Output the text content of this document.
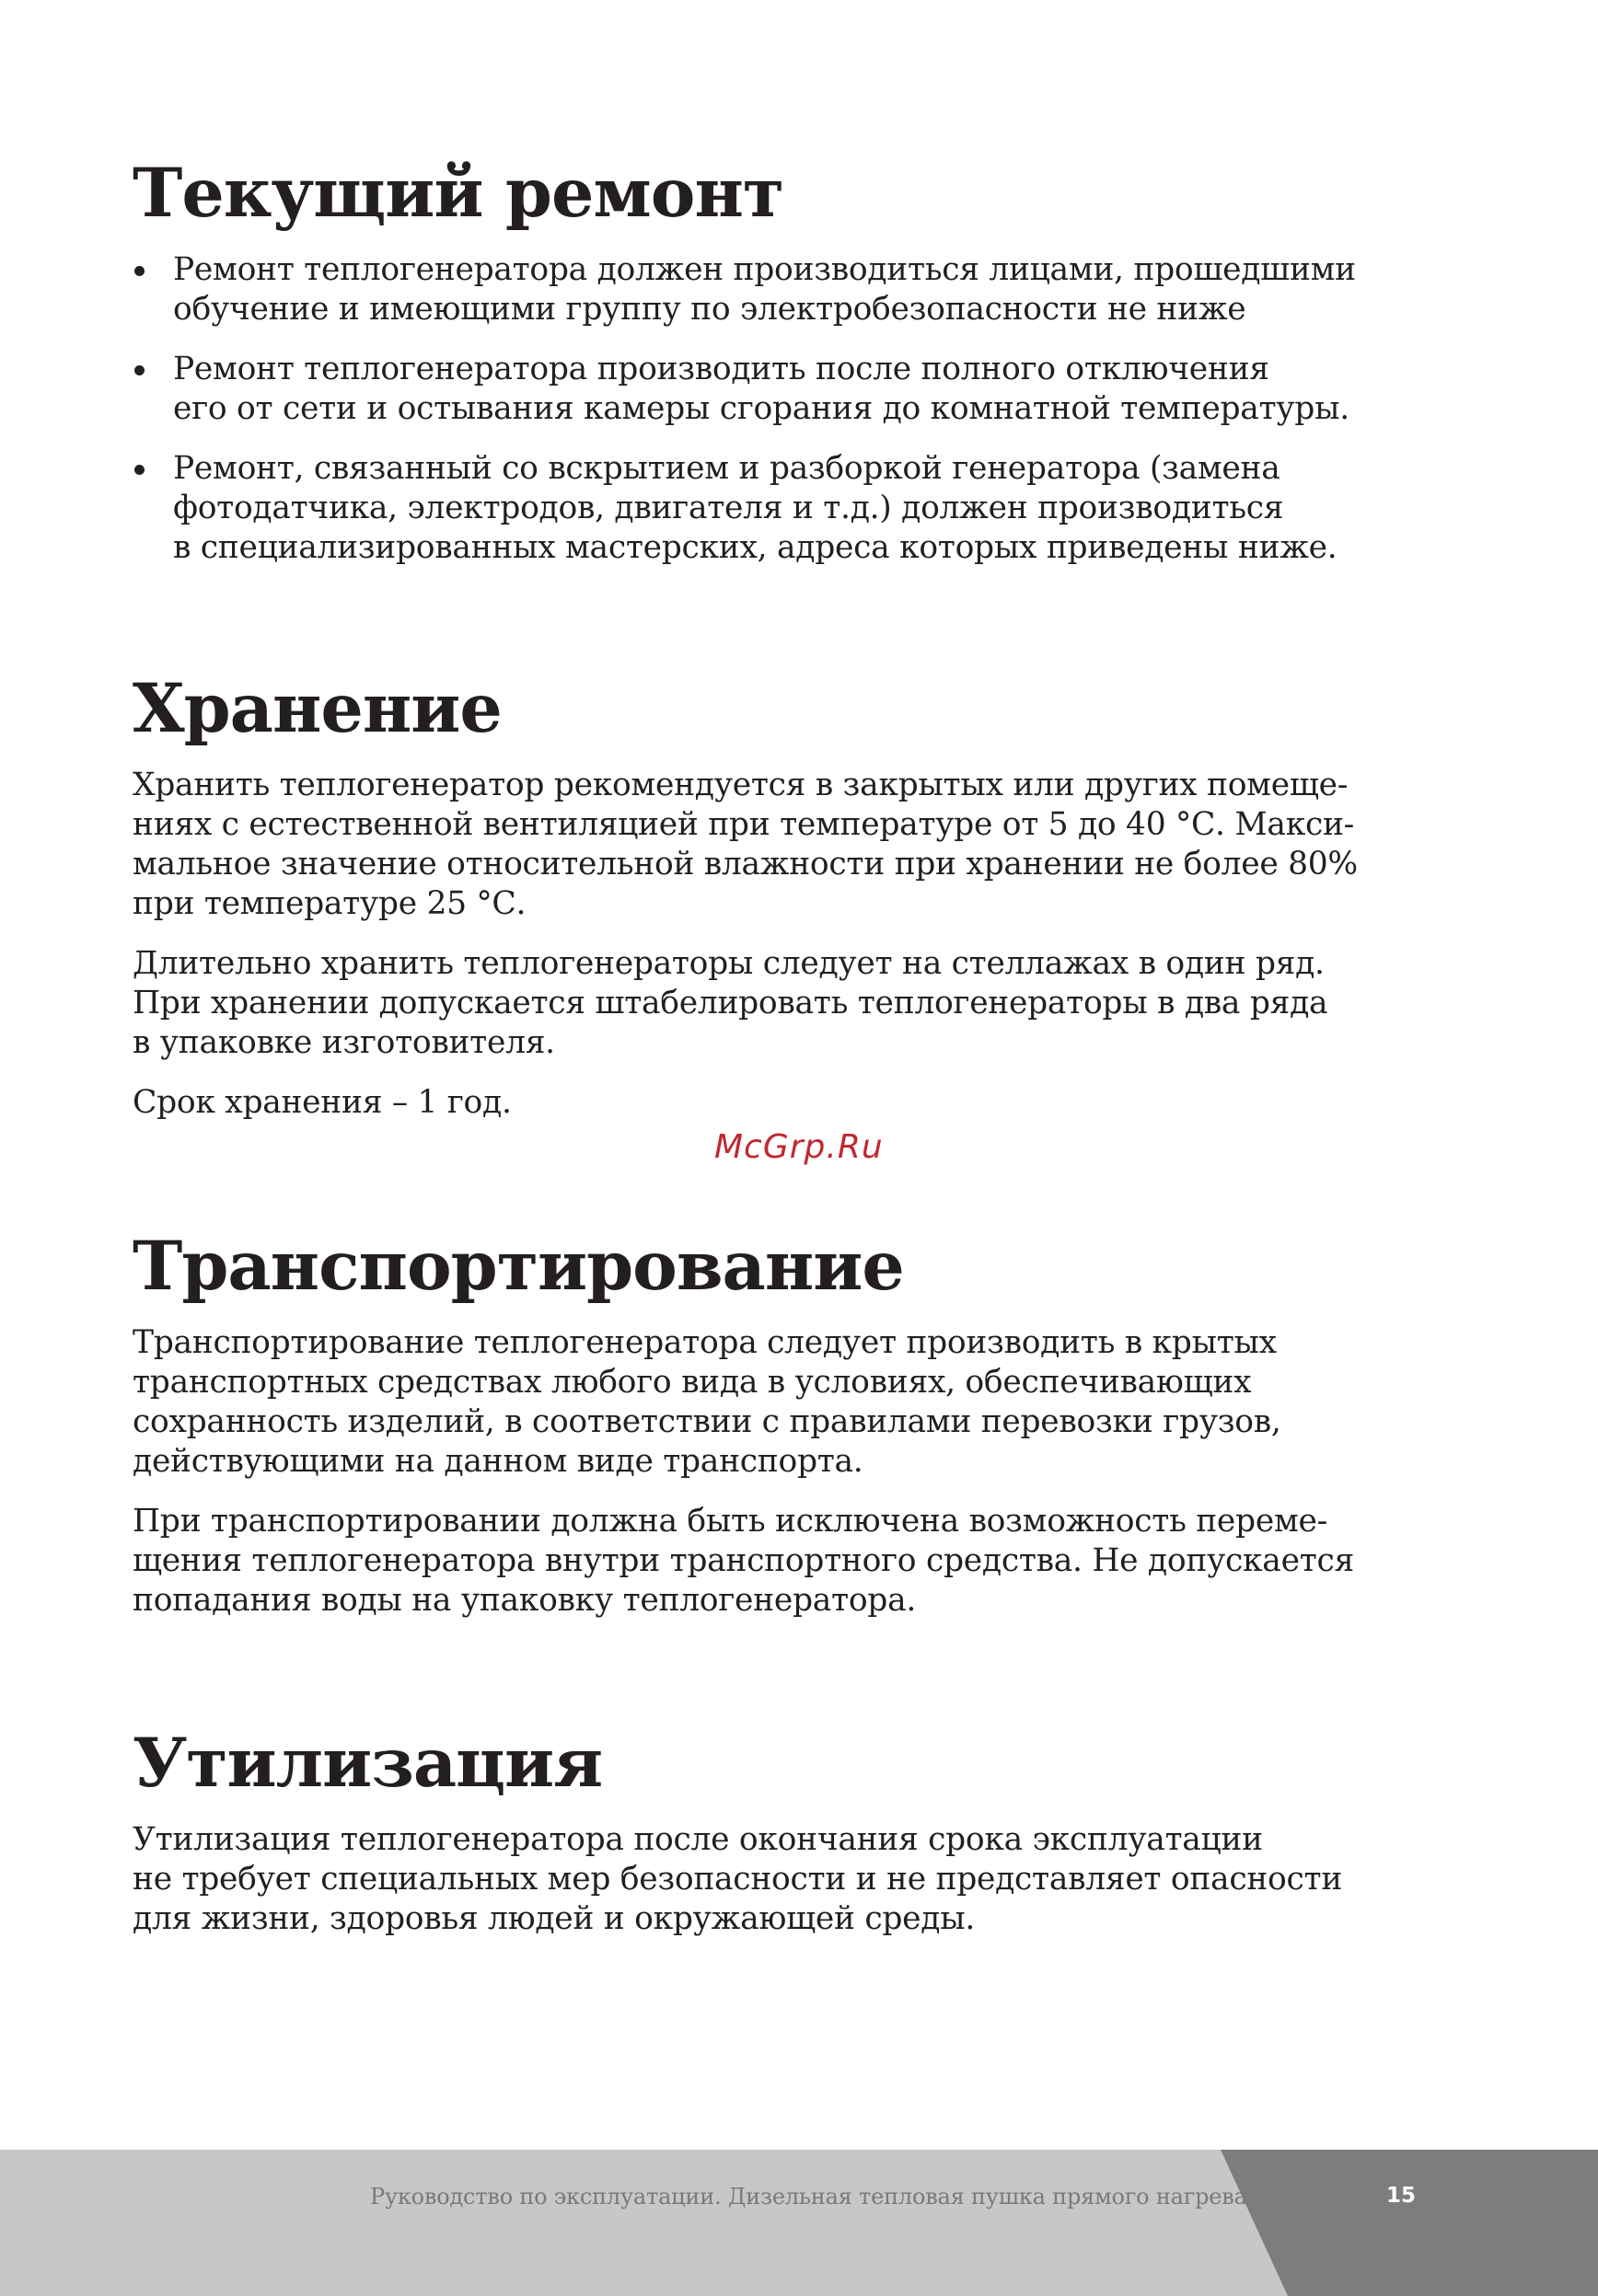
Текущий ремонт

Ремонт теплогенератора должен производиться лицами, прошедшими
обучение и имеющими группу по электробезопасности не ниже

Ремонт теплогенератора производить после полного отключения
его от сети и остывания камеры сгорания до комнатной температуры.

Ремонт, связанный со вскрытием и разборкой генератора (замена
фотодатчика, электродов, двигателя и т.д.) должен производиться
в специализированных мастерских, адреса которых приведены ниже.

Хранение

Хранить теплогенератор рекомендуется в закрытых или других помеще-
ниях с естественной вентиляцией при температуре от 5 до 40 °С. Макси-
мальное значение относительной влажности при хранении не более 80%
при температуре 25 °С.

Длительно хранить теплогенераторы следует на стеллажах в один ряд.
При хранении допускается штабелировать теплогенераторы в два ряда
в упаковке изготовителя.

Срок хранения – 1 год.

Транспортирование

Транспортирование теплогенератора следует производить в крытых
транспортных средствах любого вида в условиях, обеспечивающих
сохранность изделий, в соответствии с правилами перевозки грузов,
действующими на данном виде транспорта.

При транспортировании должна быть исключена возможность переме-
щения теплогенератора внутри транспортного средства. Не допускается
попадания воды на упаковку теплогенератора.

Утилизация

Утилизация теплогенератора после окончания срока эксплуатации
не требует специальных мер безопасности и не представляет опасности
для жизни, здоровья людей и окружающей среды.

McGrp.Ru
Руководство по эксплуатации. Дизельная тепловая пушка прямого нагрева	15
